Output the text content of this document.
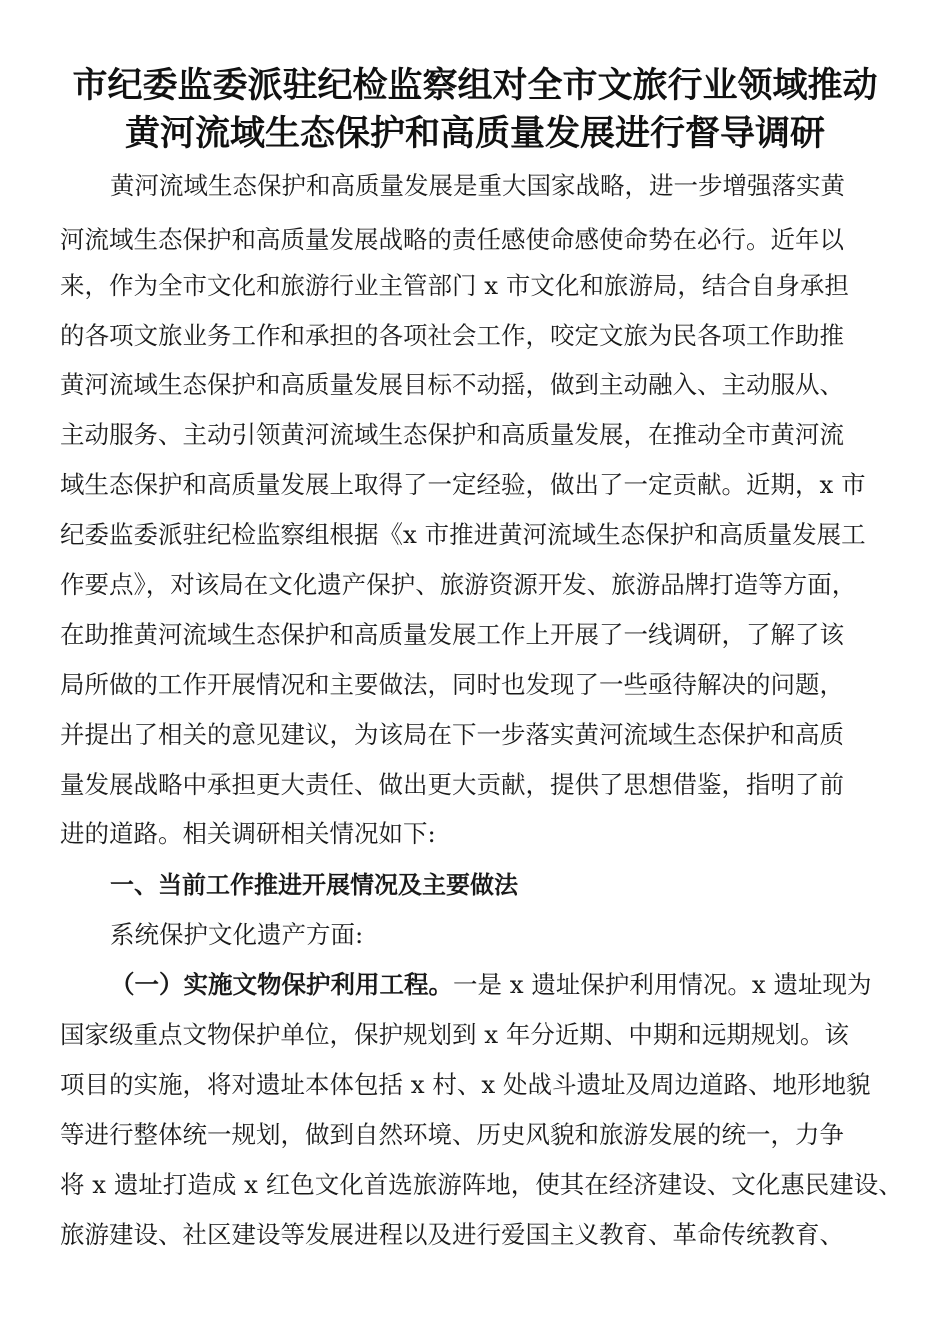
市纪委监委派驻纪检监察组对全市文旅行业领域推动
黄河流域生态保护和高质量发展进行督导调研
黄河流域生态保护和高质量发展是重大国家战略，进一步增强落实黄
河流域生态保护和高质量发展战略的责任感使命感使命势在必行。近年以
来，作为全市文化和旅游行业主管部门 x 市文化和旅游局，结合自身承担
的各项文旅业务工作和承担的各项社会工作，咬定文旅为民各项工作助推
黄河流域生态保护和高质量发展目标不动摇，做到主动融入、主动服从、
主动服务、主动引领黄河流域生态保护和高质量发展，在推动全市黄河流
域生态保护和高质量发展上取得了一定经验，做出了一定贡献。近期，x 市
纪委监委派驻纪检监察组根据《x 市推进黄河流域生态保护和高质量发展工
作要点》，对该局在文化遗产保护、旅游资源开发、旅游品牌打造等方面，
在助推黄河流域生态保护和高质量发展工作上开展了一线调研，了解了该
局所做的工作开展情况和主要做法，同时也发现了一些亟待解决的问题，
并提出了相关的意见建议，为该局在下一步落实黄河流域生态保护和高质
量发展战略中承担更大责任、做出更大贡献，提供了思想借鉴，指明了前
进的道路。相关调研相关情况如下:
一、当前工作推进开展情况及主要做法
系统保护文化遗产方面:
（一）实施文物保护利用工程。一是 x 遗址保护利用情况。x 遗址现为
国家级重点文物保护单位，保护规划到 x 年分近期、中期和远期规划。该
项目的实施，将对遗址本体包括 x 村、x 处战斗遗址及周边道路、地形地貌
等进行整体统一规划，做到自然环境、历史风貌和旅游发展的统一，力争
将 x 遗址打造成 x 红色文化首选旅游阵地，使其在经济建设、文化惠民建设、
旅游建设、社区建设等发展进程以及进行爱国主义教育、革命传统教育、
